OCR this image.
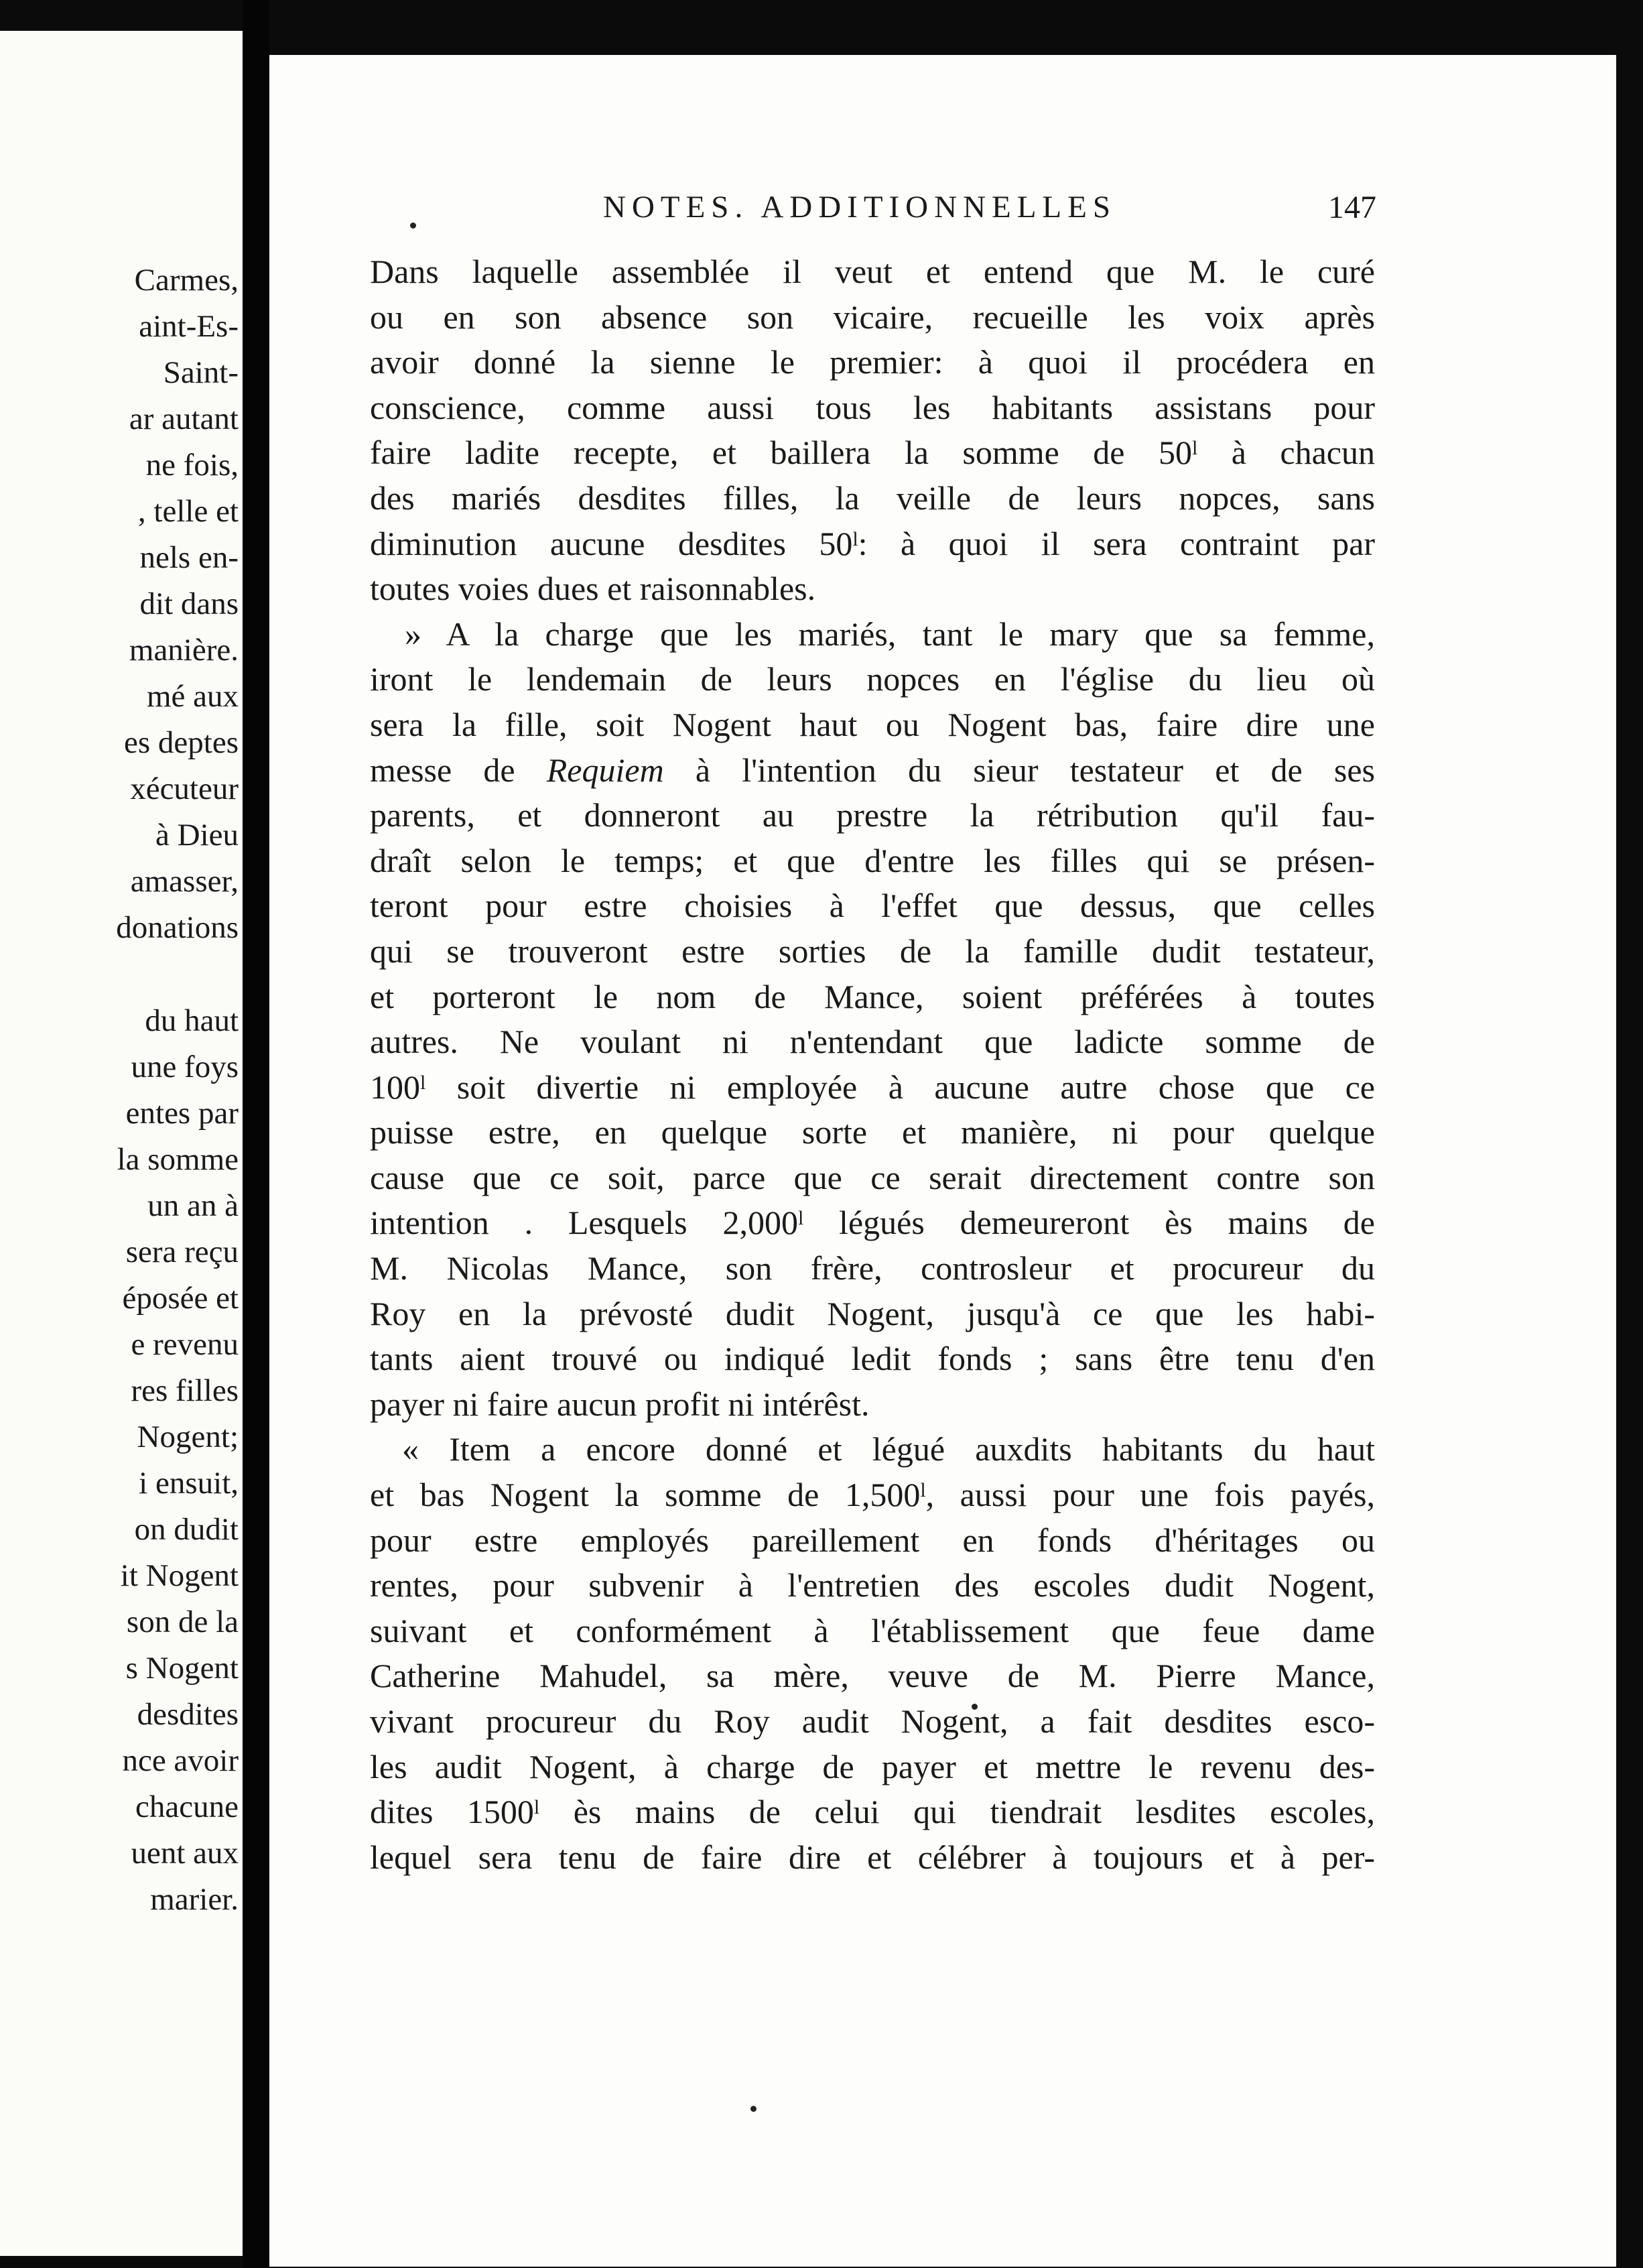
Carmes,
aint-Es-
Saint-
ar autant
ne fois,
, telle et
nels en-
dit dans
manière.
mé aux
es deptes
xécuteur
à Dieu
amasser,
donations
du haut
une foys
entes par
la somme
un an à
sera reçu
éposée et
e revenu
res filles
Nogent;
i ensuit,
on dudit
it Nogent
son de la
s Nogent
desdites
nce avoir
chacune
uent aux
marier.
NOTES. ADDITIONNELLES	147
Dans laquelle assemblée il veut et entend que M. le curé
ou en son absence son vicaire, recueille les voix après
avoir donné la sienne le premier: à quoi il procédera en
conscience, comme aussi tous les habitants assistans pour
faire ladite recepte, et baillera la somme de 50ˡ à chacun
des mariés desdites filles, la veille de leurs nopces, sans
diminution aucune desdites 50ˡ: à quoi il sera contraint par
toutes voies dues et raisonnables.
» A la charge que les mariés, tant le mary que sa femme,
iront le lendemain de leurs nopces en l'église du lieu où
sera la fille, soit Nogent haut ou Nogent bas, faire dire une
messe de Requiem à l'intention du sieur testateur et de ses
parents, et donneront au prestre la rétribution qu'il fau-
draît selon le temps; et que d'entre les filles qui se présen-
teront pour estre choisies à l'effet que dessus, que celles
qui se trouveront estre sorties de la famille dudit testateur,
et porteront le nom de Mance, soient préférées à toutes
autres. Ne voulant ni n'entendant que ladicte somme de
100ˡ soit divertie ni employée à aucune autre chose que ce
puisse estre, en quelque sorte et manière, ni pour quelque
cause que ce soit, parce que ce serait directement contre son
intention . Lesquels 2,000ˡ légués demeureront ès mains de
M. Nicolas Mance, son frère, controsleur et procureur du
Roy en la prévosté dudit Nogent, jusqu'à ce que les habi-
tants aient trouvé ou indiqué ledit fonds ; sans être tenu d'en
payer ni faire aucun profit ni intérêst.
« Item a encore donné et légué auxdits habitants du haut
et bas Nogent la somme de 1,500ˡ, aussi pour une fois payés,
pour estre employés pareillement en fonds d'héritages ou
rentes, pour subvenir à l'entretien des escoles dudit Nogent,
suivant et conformément à l'établissement que feue dame
Catherine Mahudel, sa mère, veuve de M. Pierre Mance,
vivant procureur du Roy audit Nogent, a fait desdites esco-
les audit Nogent, à charge de payer et mettre le revenu des-
dites 1500ˡ ès mains de celui qui tiendrait lesdites escoles,
lequel sera tenu de faire dire et célébrer à toujours et à per-
